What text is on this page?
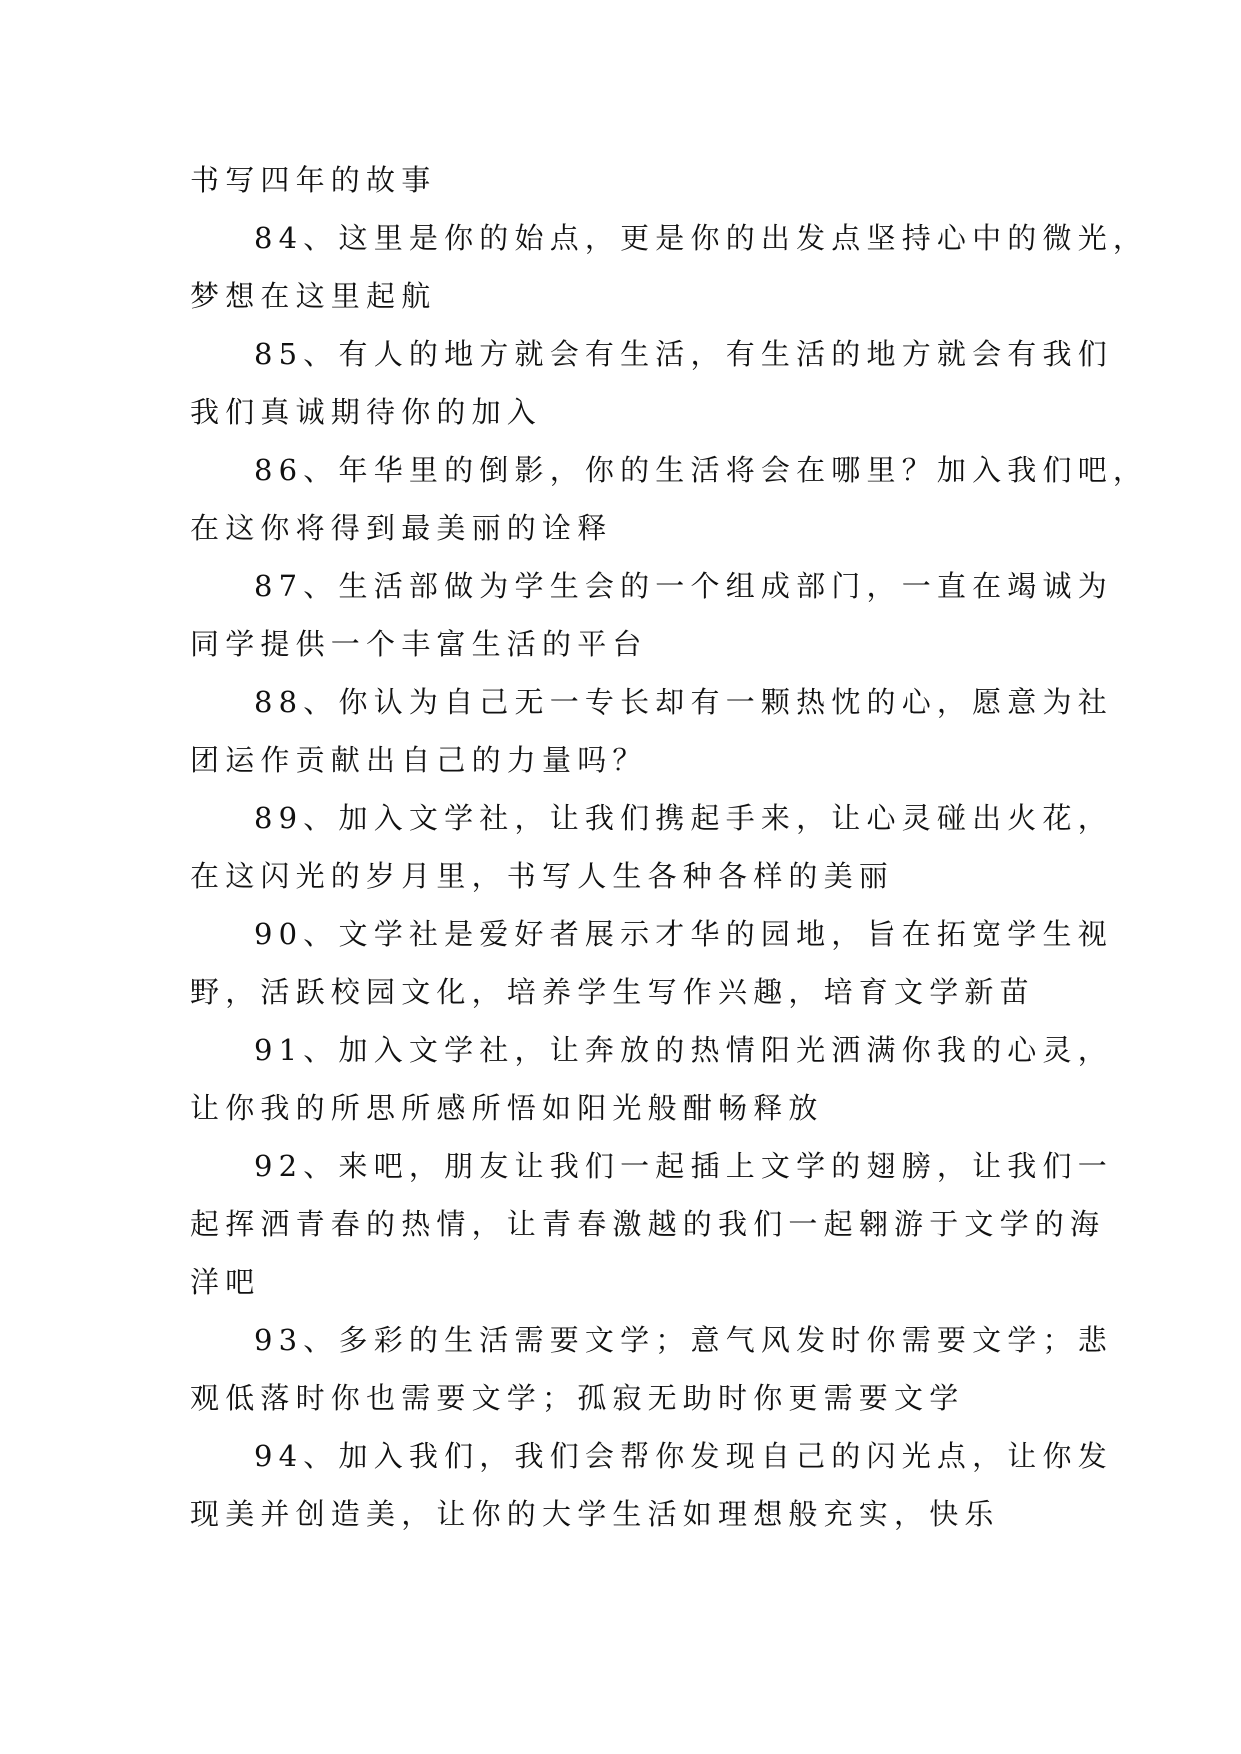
书写四年的故事
84、这里是你的始点，更是你的出发点坚持心中的微光，
梦想在这里起航
85、有人的地方就会有生活，有生活的地方就会有我们
我们真诚期待你的加入
86、年华里的倒影，你的生活将会在哪里？加入我们吧，
在这你将得到最美丽的诠释
87、生活部做为学生会的一个组成部门，一直在竭诚为
同学提供一个丰富生活的平台
88、你认为自己无一专长却有一颗热忱的心，愿意为社
团运作贡献出自己的力量吗？
89、加入文学社，让我们携起手来，让心灵碰出火花，
在这闪光的岁月里，书写人生各种各样的美丽
90、文学社是爱好者展示才华的园地，旨在拓宽学生视
野，活跃校园文化，培养学生写作兴趣，培育文学新苗
91、加入文学社，让奔放的热情阳光洒满你我的心灵，
让你我的所思所感所悟如阳光般酣畅释放
92、来吧，朋友让我们一起插上文学的翅膀，让我们一
起挥洒青春的热情，让青春激越的我们一起翱游于文学的海
洋吧
93、多彩的生活需要文学；意气风发时你需要文学；悲
观低落时你也需要文学；孤寂无助时你更需要文学
94、加入我们，我们会帮你发现自己的闪光点，让你发
现美并创造美，让你的大学生活如理想般充实，快乐
